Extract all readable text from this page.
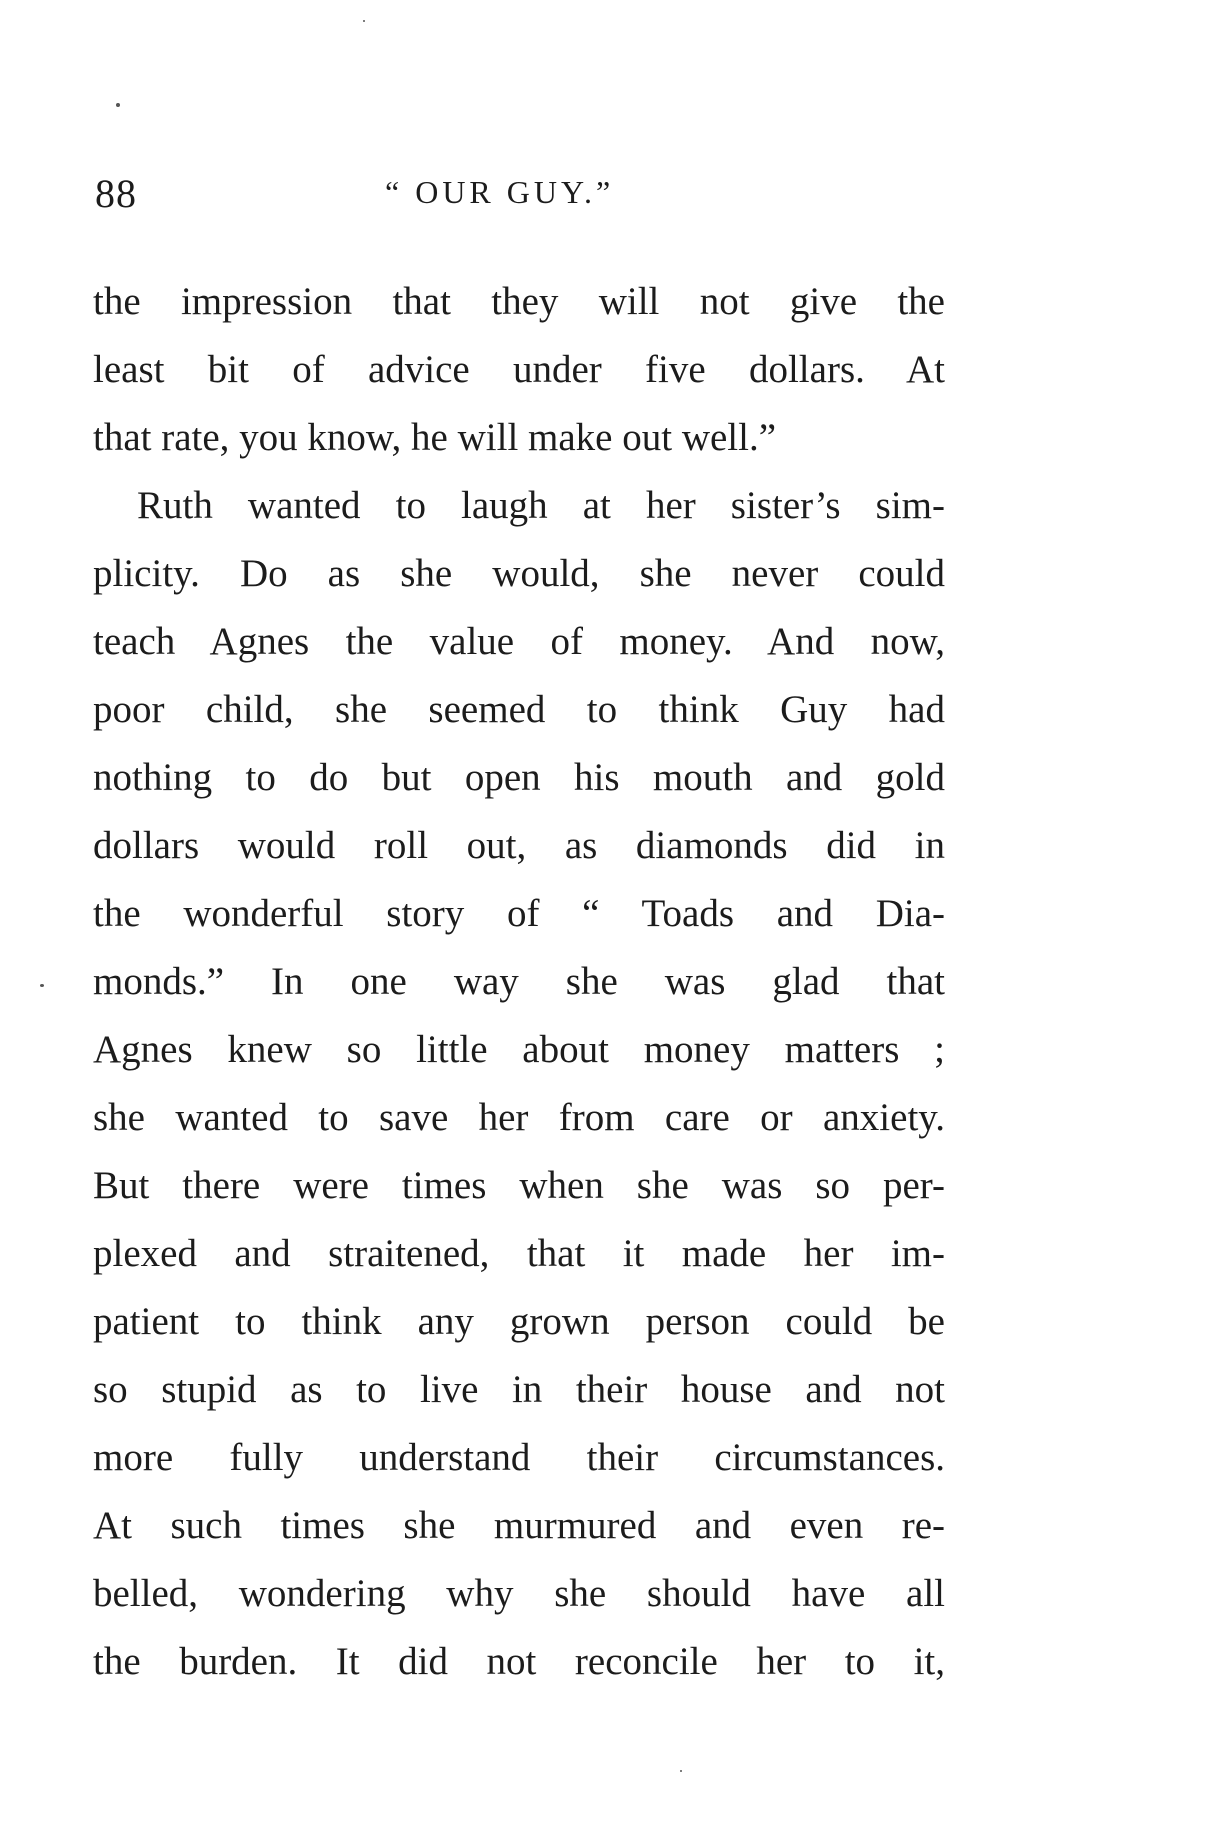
88	“ OUR GUY.”
the impression that they will not give the
least bit of advice under five dollars. At
that rate, you know, he will make out well.”
Ruth wanted to laugh at her sister’s sim-
plicity. Do as she would, she never could
teach Agnes the value of money. And now,
poor child, she seemed to think Guy had
nothing to do but open his mouth and gold
dollars would roll out, as diamonds did in
the wonderful story of “ Toads and Dia-
monds.” In one way she was glad that
Agnes knew so little about money matters ;
she wanted to save her from care or anxiety.
But there were times when she was so per-
plexed and straitened, that it made her im-
patient to think any grown person could be
so stupid as to live in their house and not
more fully understand their circumstances.
At such times she murmured and even re-
belled, wondering why she should have all
the burden. It did not reconcile her to it,
